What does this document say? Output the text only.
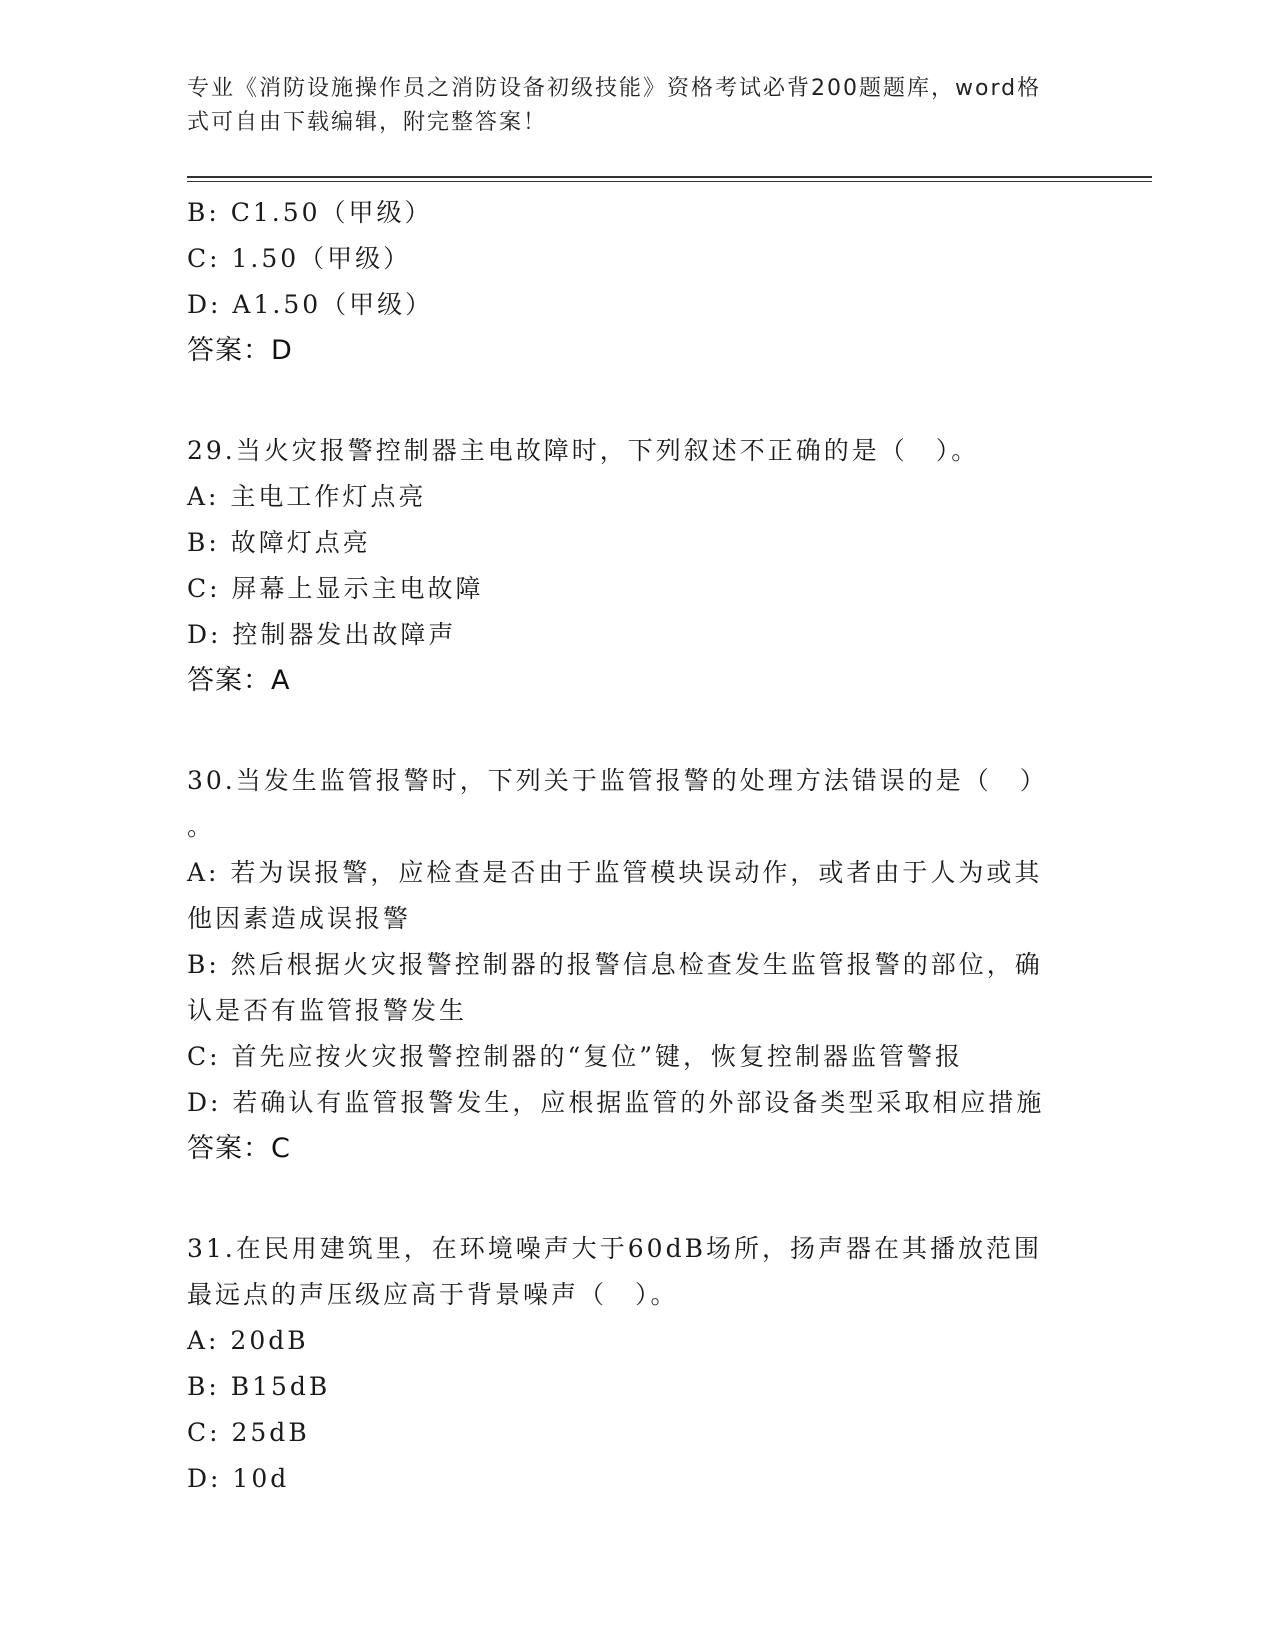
专业《消防设施操作员之消防设备初级技能》资格考试必背200题题库，word格
式可自由下载编辑，附完整答案！
B: C1.50（甲级）
C: 1.50（甲级）
D: A1.50（甲级）
答案：D
29.当火灾报警控制器主电故障时，下列叙述不正确的是（　）。
A: 主电工作灯点亮
B: 故障灯点亮
C: 屏幕上显示主电故障
D: 控制器发出故障声
答案：A
30.当发生监管报警时，下列关于监管报警的处理方法错误的是（　）
。
A: 若为误报警，应检查是否由于监管模块误动作，或者由于人为或其他因素造成误报警
B: 然后根据火灾报警控制器的报警信息检查发生监管报警的部位，确认是否有监管报警发生
C: 首先应按火灾报警控制器的“复位”键，恢复控制器监管警报
D: 若确认有监管报警发生，应根据监管的外部设备类型采取相应措施
答案：C
31.在民用建筑里，在环境噪声大于60dB场所，扬声器在其播放范围最远点的声压级应高于背景噪声（　）。
A: 20dB
B: B15dB
C: 25dB
D: 10d
